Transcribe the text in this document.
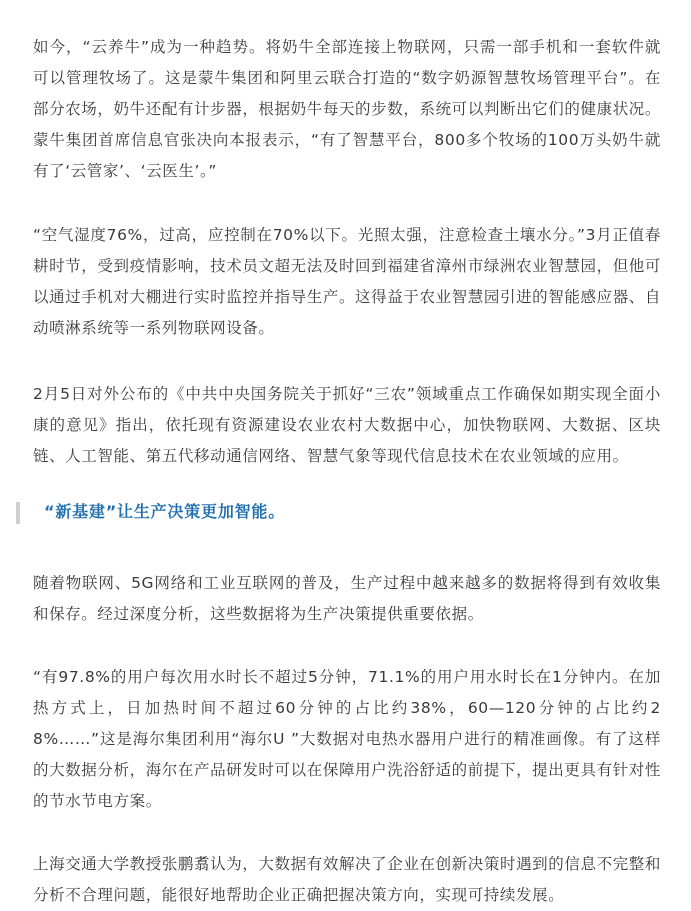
如今，“云养牛”成为一种趋势。将奶牛全部连接上物联网，只需一部手机和一套软件就可以管理牧场了。这是蒙牛集团和阿里云联合打造的“数字奶源智慧牧场管理平台”。在部分农场，奶牛还配有计步器，根据奶牛每天的步数，系统可以判断出它们的健康状况。蒙牛集团首席信息官张决向本报表示，“有了智慧平台，800多个牧场的100万头奶牛就有了‘云管家’、‘云医生’。”

“空气湿度76%，过高，应控制在70%以下。光照太强，注意检查土壤水分。”3月正值春耕时节，受到疫情影响，技术员文超无法及时回到福建省漳州市绿洲农业智慧园，但他可以通过手机对大棚进行实时监控并指导生产。这得益于农业智慧园引进的智能感应器、自动喷淋系统等一系列物联网设备。

2月5日对外公布的《中共中央国务院关于抓好“三农”领域重点工作确保如期实现全面小康的意见》指出，依托现有资源建设农业农村大数据中心，加快物联网、大数据、区块链、人工智能、第五代移动通信网络、智慧气象等现代信息技术在农业领域的应用。

“新基建”让生产决策更加智能。

随着物联网、5G网络和工业互联网的普及，生产过程中越来越多的数据将得到有效收集和保存。经过深度分析，这些数据将为生产决策提供重要依据。

“有97.8%的用户每次用水时长不超过5分钟，71.1%的用户用水时长在1分钟内。在加热方式上，日加热时间不超过60分钟的占比约38%，60—120分钟的占比约28%……”这是海尔集团利用“海尔U ”大数据对电热水器用户进行的精准画像。有了这样的大数据分析，海尔在产品研发时可以在保障用户洗浴舒适的前提下，提出更具有针对性的节水节电方案。

上海交通大学教授张鹏翥认为，大数据有效解决了企业在创新决策时遇到的信息不完整和分析不合理问题，能很好地帮助企业正确把握决策方向，实现可持续发展。
